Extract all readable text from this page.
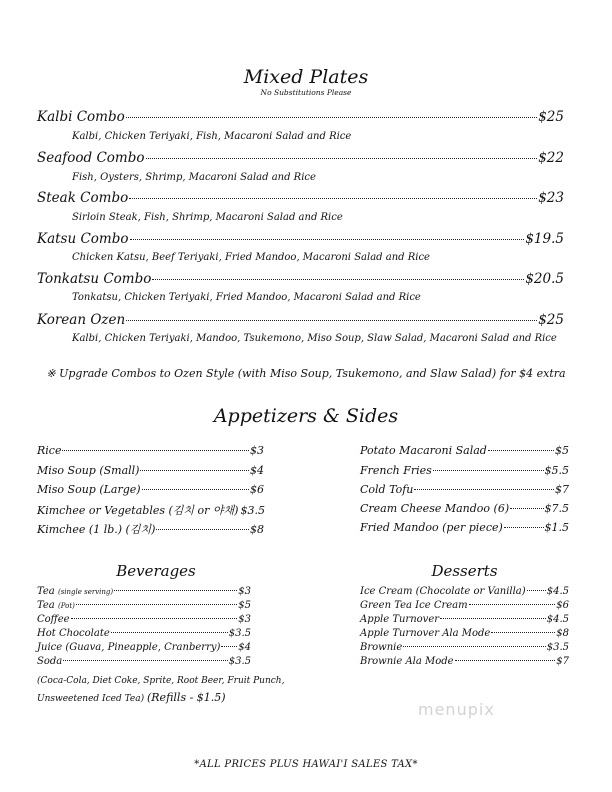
Mixed Plates
No Substitutions Please
Kalbi Combo	$25
Kalbi, Chicken Teriyaki, Fish, Macaroni Salad and Rice
Seafood Combo	$22
Fish, Oysters, Shrimp, Macaroni Salad and Rice
Steak Combo	$23
Sirloin Steak, Fish, Shrimp, Macaroni Salad and Rice
Katsu Combo	$19.5
Chicken Katsu, Beef Teriyaki, Fried Mandoo, Macaroni Salad and Rice
Tonkatsu Combo	$20.5
Tonkatsu, Chicken Teriyaki, Fried Mandoo, Macaroni Salad and Rice
Korean Ozen	$25
Kalbi, Chicken Teriyaki, Mandoo, Tsukemono, Miso Soup, Slaw Salad, Macaroni Salad and Rice
※ Upgrade Combos to Ozen Style (with Miso Soup, Tsukemono, and Slaw Salad) for $4 extra
Appetizers & Sides
Rice	$3
Miso Soup (Small)	$4
Miso Soup (Large)	$6
Kimchee or Vegetables (김치 or 야채) $3.5
Kimchee (1 lb.) (김치)	$8
Potato Macaroni Salad	$5
French Fries	$5.5
Cold Tofu	$7
Cream Cheese Mandoo (6)	$7.5
Fried Mandoo (per piece)	$1.5
Beverages
Tea (single serving)	$3
Tea (Pot)	$5
Coffee	$3
Hot Chocolate	$3.5
Juice (Guava, Pineapple, Cranberry) $4
Soda	$3.5
(Coca-Cola, Diet Coke, Sprite, Root Beer, Fruit Punch,
Unsweetened Iced Tea) (Refills - $1.5)
Desserts
Ice Cream (Chocolate or Vanilla) $4.5
Green Tea Ice Cream	$6
Apple Turnover	$4.5
Apple Turnover Ala Mode	$8
Brownie	$3.5
Brownie Ala Mode	$7
menupix
*ALL PRICES PLUS HAWAI'I SALES TAX*
